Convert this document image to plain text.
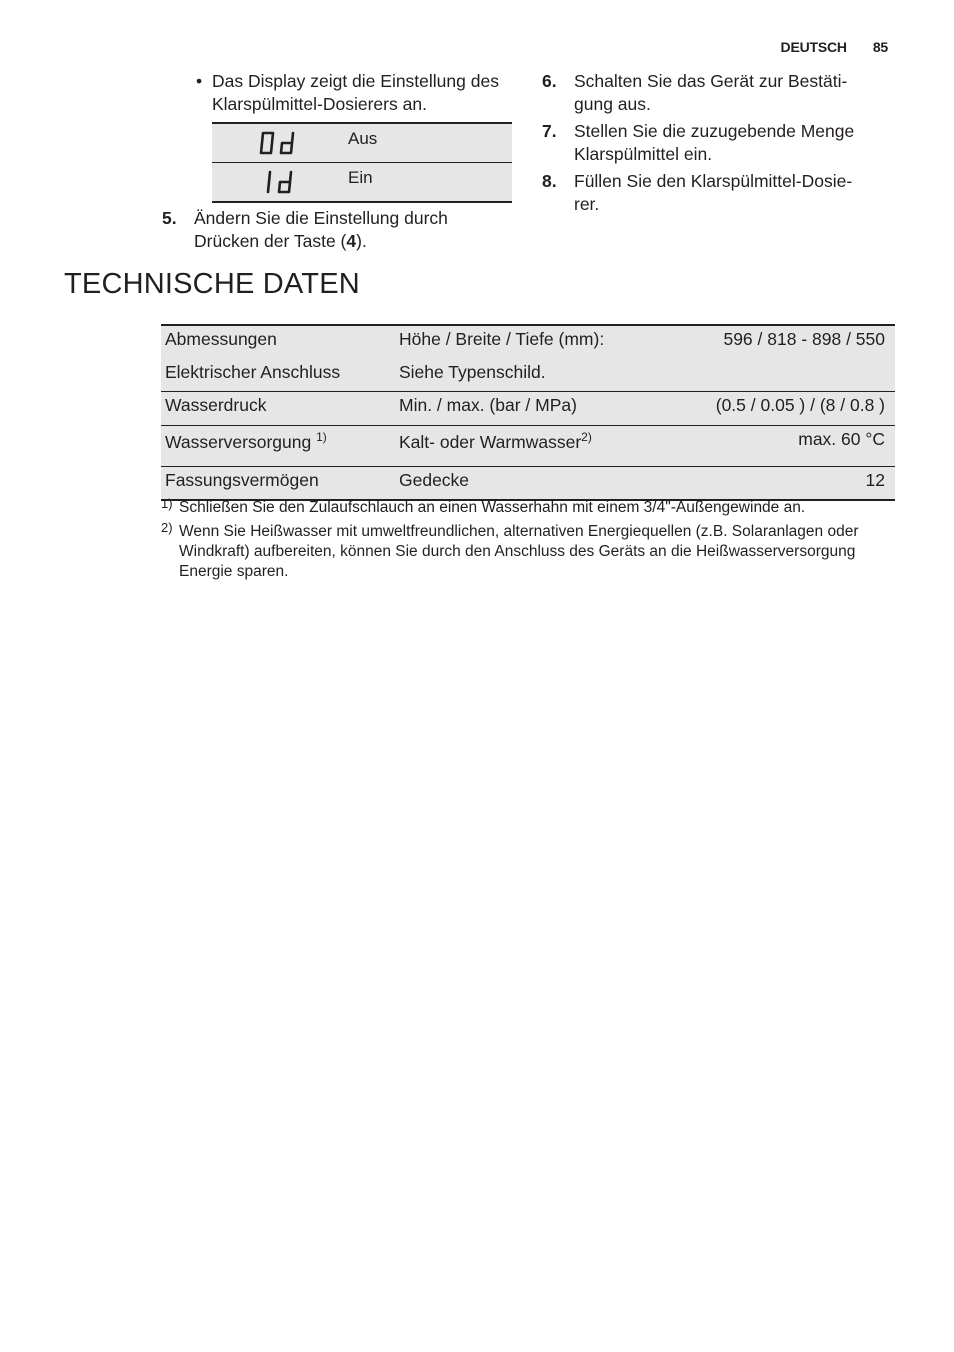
DEUTSCH 85
• Das Display zeigt die Einstellung des Klarspülmittel-Dosierers an.
Aus
Ein
5. Ändern Sie die Einstellung durch Drücken der Taste (4).
6. Schalten Sie das Gerät zur Bestäti-
gung aus.
7. Stellen Sie die zuzugebende Menge Klarspülmittel ein.
8. Füllen Sie den Klarspülmittel-Dosie-
rer.
TECHNISCHE DATEN
Abmessungen	Höhe / Breite / Tiefe (mm):	596 / 818 - 898 / 550
Elektrischer Anschluss	Siehe Typenschild.	
Wasserdruck	Min. / max. (bar / MPa)	(0.5 / 0.05 ) / (8 / 0.8 )
Wasserversorgung $^{1)}$	Kalt- oder Warmwasser$^{2)}$	max. 60 °C
Fassungsvermögen	Gedecke	12
1) Schließen Sie den Zulaufschlauch an einen Wasserhahn mit einem 3/4"-Außengewinde an.
2) Wenn Sie Heißwasser mit umweltfreundlichen, alternativen Energiequellen (z.B. Solaranlagen oder Windkraft) aufbereiten, können Sie durch den Anschluss des Geräts an die Heißwasserversorgung Energie sparen.
